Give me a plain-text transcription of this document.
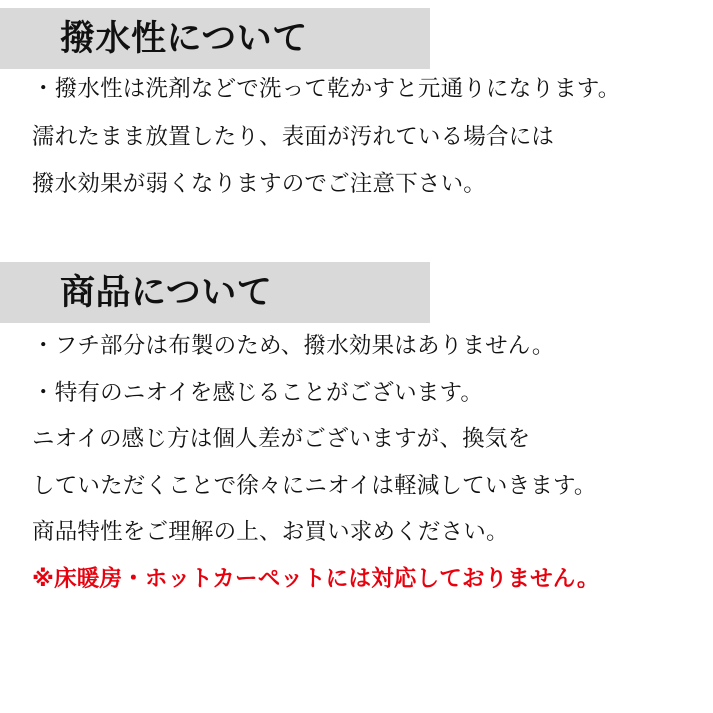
撥水性について

・撥水性は洗剤などで洗って乾かすと元通りになります。

濡れたまま放置したり、表面が汚れている場合には

撥水効果が弱くなりますのでご注意下さい。

商品について

・フチ部分は布製のため、撥水効果はありません。

・特有のニオイを感じることがございます。

ニオイの感じ方は個人差がございますが、換気を

していただくことで徐々にニオイは軽減していきます。

商品特性をご理解の上、お買い求めください。

※床暖房・ホットカーペットには対応しておりません。
